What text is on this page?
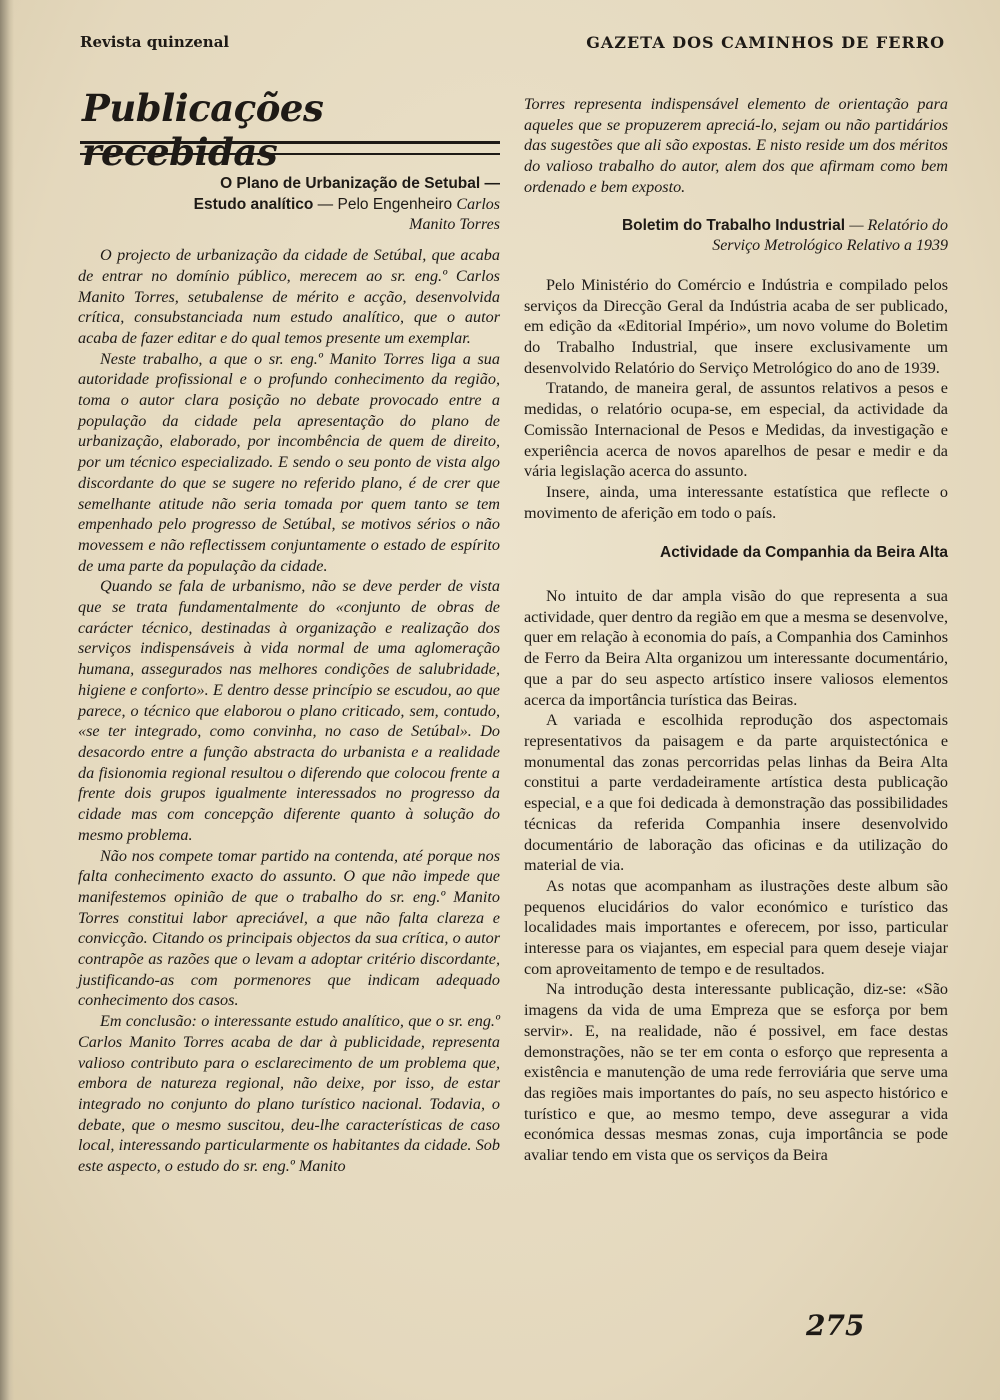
Revista quinzenal	GAZETA DOS CAMINHOS DE FERRO
Publicações recebidas
O Plano de Urbanização de Setubal — Estudo analítico — Pelo Engenheiro Carlos Manito Torres

O projecto de urbanização da cidade de Setúbal, que acaba de entrar no domínio público, merecem ao sr. eng.º Carlos Manito Torres, setubalense de mérito e acção, desenvolvida crítica, consubstanciada num estudo analítico, que o autor acaba de fazer editar e do qual temos presente um exemplar.

Neste trabalho, a que o sr. eng.º Manito Torres liga a sua autoridade profissional e o profundo conhecimento da região, toma o autor clara posição no debate provocado entre a população da cidade pela apresentação do plano de urbanização, elaborado, por incombência de quem de direito, por um técnico especializado. E sendo o seu ponto de vista algo discordante do que se sugere no referido plano, é de crer que semelhante atitude não seria tomada por quem tanto se tem empenhado pelo progresso de Setúbal, se motivos sérios o não movessem e não reflectissem conjuntamente o estado de espírito de uma parte da população da cidade.

Quando se fala de urbanismo, não se deve perder de vista que se trata fundamentalmente do «conjunto de obras de carácter técnico, destinadas à organização e realização dos serviços indispensáveis à vida normal de uma aglomeração humana, assegurados nas melhores condições de salubridade, higiene e conforto». E dentro desse princípio se escudou, ao que parece, o técnico que elaborou o plano criticado, sem, contudo, «se ter integrado, como convinha, no caso de Setúbal». Do desacordo entre a função abstracta do urbanista e a realidade da fisionomia regional resultou o diferendo que colocou frente a frente dois grupos igualmente interessados no progresso da cidade mas com concepção diferente quanto à solução do mesmo problema.

Não nos compete tomar partido na contenda, até porque nos falta conhecimento exacto do assunto. O que não impede que manifestemos opinião de que o trabalho do sr. eng.º Manito Torres constitui labor apreciável, a que não falta clareza e convicção. Citando os principais objectos da sua crítica, o autor contrapõe as razões que o levam a adoptar critério discordante, justificando-as com pormenores que indicam adequado conhecimento dos casos.

Em conclusão: o interessante estudo analítico, que o sr. eng.º Carlos Manito Torres acaba de dar à publicidade, representa valioso contributo para o esclarecimento de um problema que, embora de natureza regional, não deixe, por isso, de estar integrado no conjunto do plano turístico nacional. Todavia, o debate, que o mesmo suscitou, deu-lhe características de caso local, interessando particularmente os habitantes da cidade. Sob este aspecto, o estudo do sr. eng.º Manito

Torres representa indispensável elemento de orientação para aqueles que se propuzerem apreciá-lo, sejam ou não partidários das sugestões que ali são expostas. E nisto reside um dos méritos do valioso trabalho do autor, alem dos que afirmam como bem ordenado e bem exposto.

Boletim do Trabalho Industrial — Relatório do Serviço Metrológico Relativo a 1939

Pelo Ministério do Comércio e Indústria e compilado pelos serviços da Direcção Geral da Indústria acaba de ser publicado, em edição da «Editorial Império», um novo volume do Boletim do Trabalho Industrial, que insere exclusivamente um desenvolvido Relatório do Serviço Metrológico do ano de 1939.

Tratando, de maneira geral, de assuntos relativos a pesos e medidas, o relatório ocupa-se, em especial, da actividade da Comissão Internacional de Pesos e Medidas, da investigação e experiência acerca de novos aparelhos de pesar e medir e da vária legislação acerca do assunto.

Insere, ainda, uma interessante estatística que reflecte o movimento de aferição em todo o país.

Actividade da Companhia da Beira Alta

No intuito de dar ampla visão do que representa a sua actividade, quer dentro da região em que a mesma se desenvolve, quer em relação à economia do país, a Companhia dos Caminhos de Ferro da Beira Alta organizou um interessante documentário, que a par do seu aspecto artístico insere valiosos elementos acerca da importância turística das Beiras.

A variada e escolhida reprodução dos aspectomais representativos da paisagem e da parte arquistectónica e monumental das zonas percorridas pelas linhas da Beira Alta constitui a parte verdadeiramente artística desta publicação especial, e a que foi dedicada à demonstração das possibilidades técnicas da referida Companhia insere desenvolvido documentário de laboração das oficinas e da utilização do material de via.

As notas que acompanham as ilustrações deste album são pequenos elucidários do valor económico e turístico das localidades mais importantes e oferecem, por isso, particular interesse para os viajantes, em especial para quem deseje viajar com aproveitamento de tempo e de resultados.

Na introdução desta interessante publicação, diz-se: «São imagens da vida de uma Empreza que se esforça por bem servir». E, na realidade, não é possivel, em face destas demonstrações, não se ter em conta o esforço que representa a existência e manutenção de uma rede ferroviária que serve uma das regiões mais importantes do país, no seu aspecto histórico e turístico e que, ao mesmo tempo, deve assegurar a vida económica dessas mesmas zonas, cuja importância se pode avaliar tendo em vista que os serviços da Beira

275
